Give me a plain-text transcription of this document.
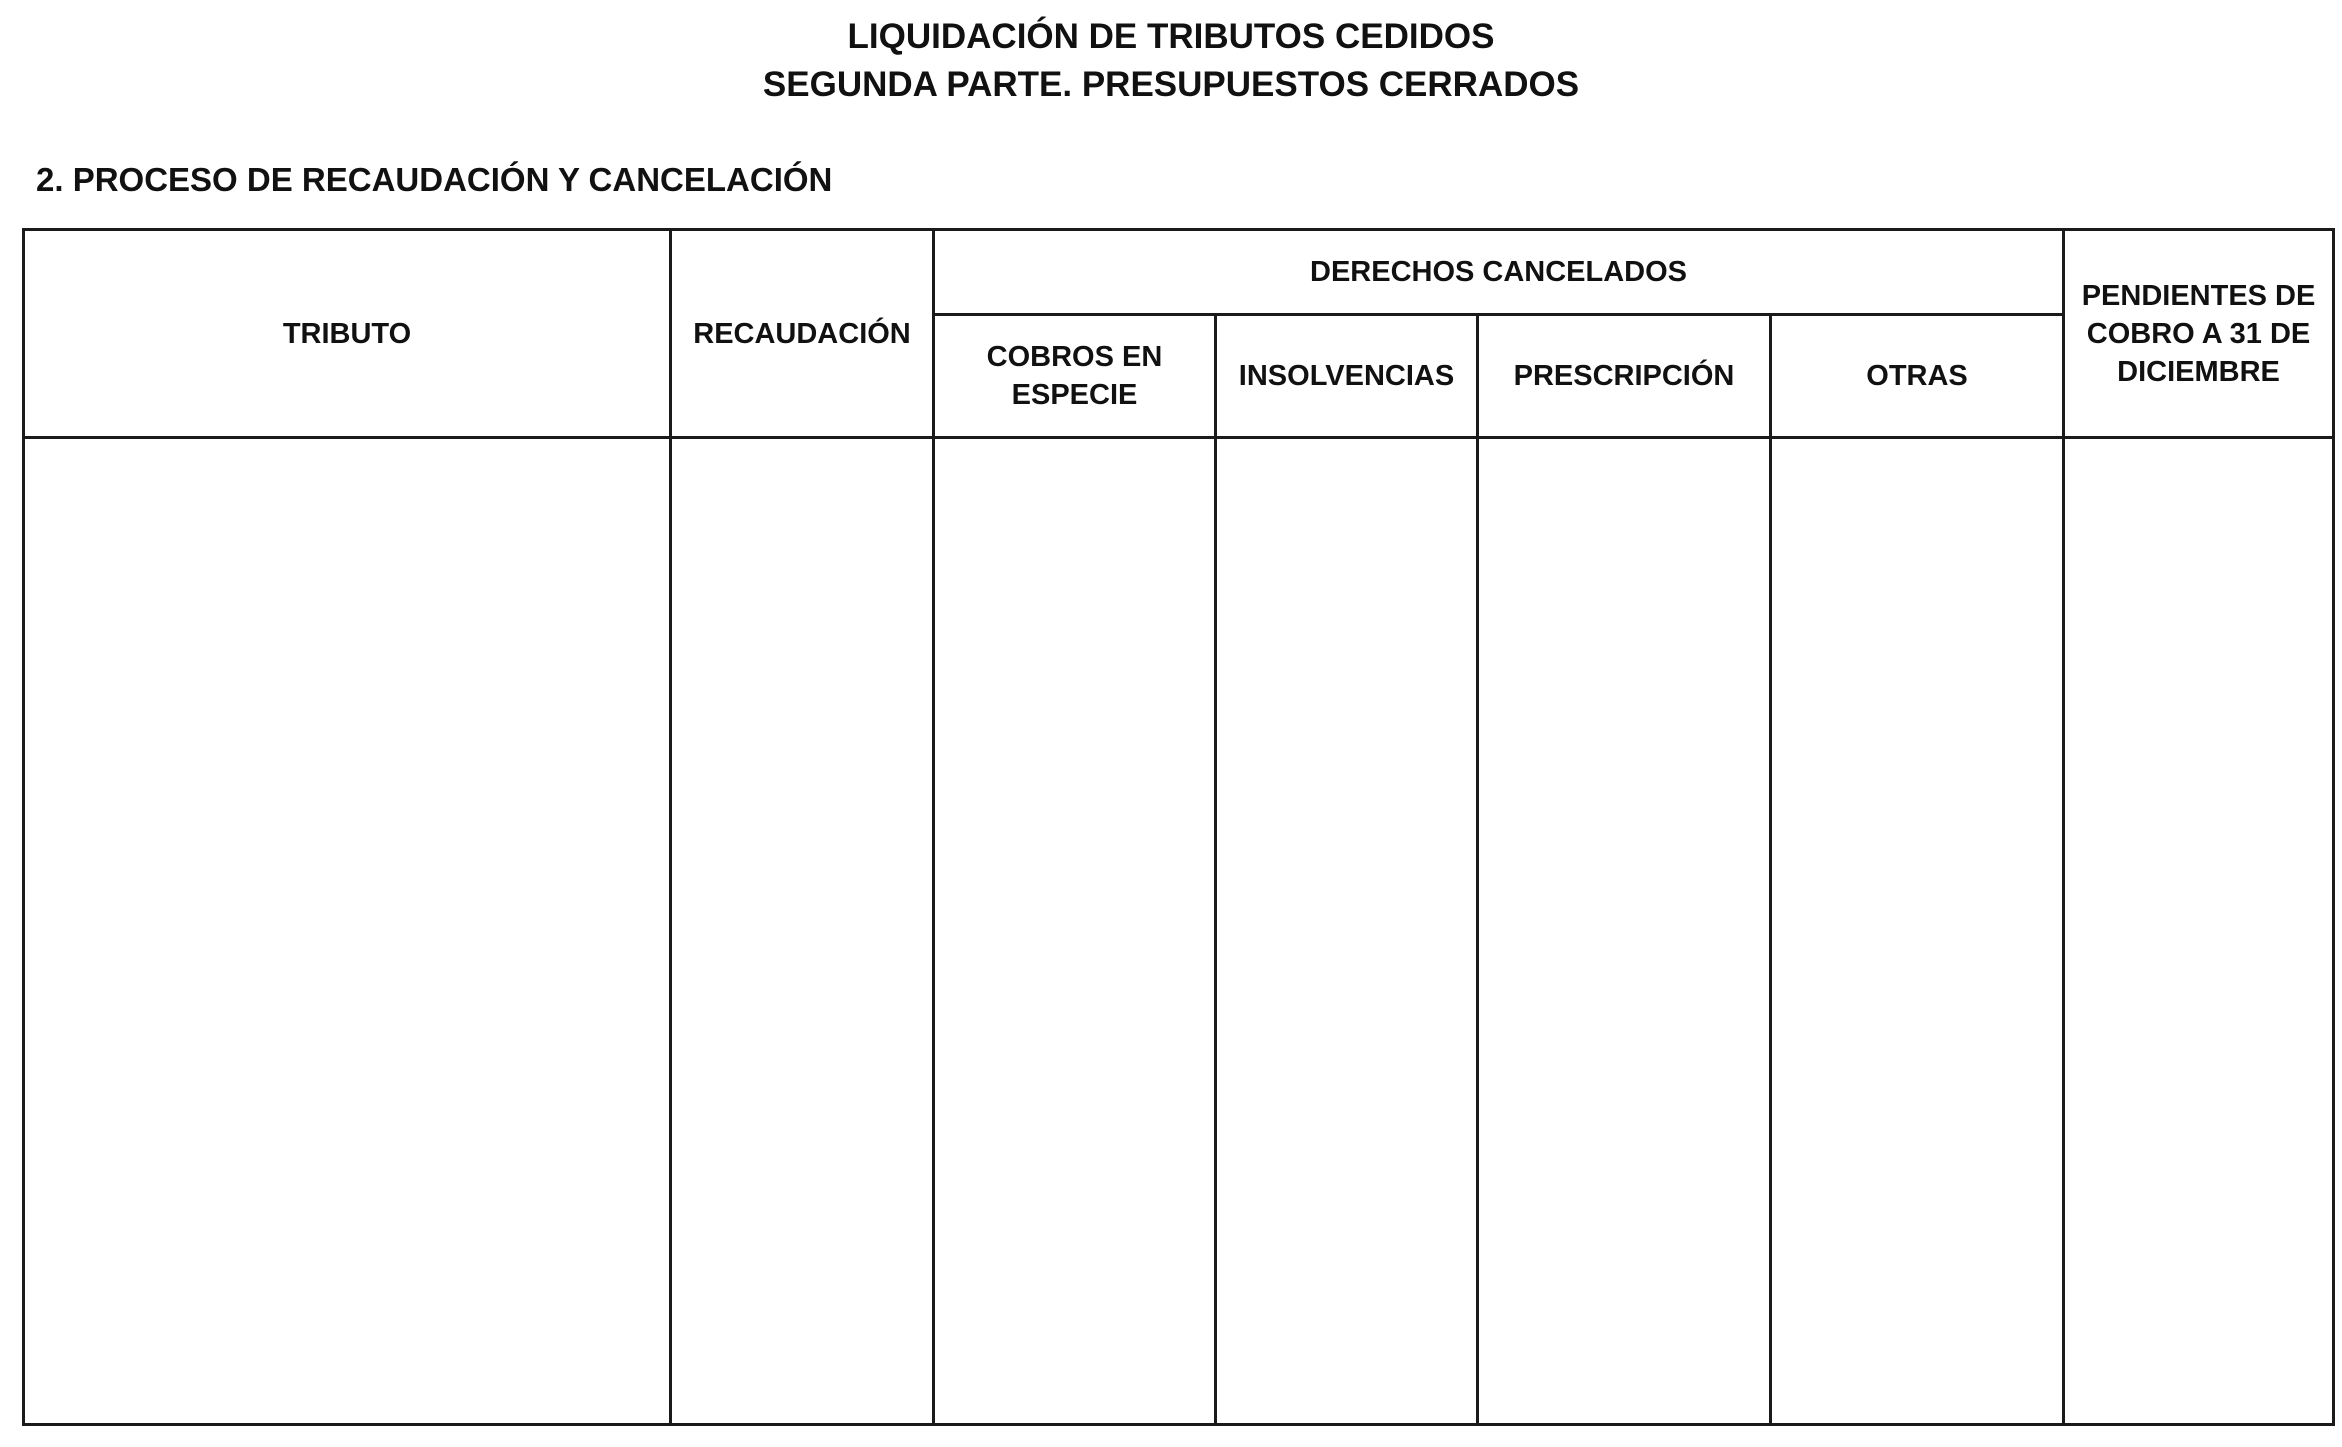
LIQUIDACIÓN DE TRIBUTOS CEDIDOS
SEGUNDA PARTE. PRESUPUESTOS CERRADOS
2. PROCESO DE RECAUDACIÓN Y CANCELACIÓN
TRIBUTO	RECAUDACIÓN	DERECHOS CANCELADOS				PENDIENTES DE COBRO A 31 DE DICIEMBRE
		COBROS EN ESPECIE	INSOLVENCIAS	PRESCRIPCIÓN	OTRAS	
